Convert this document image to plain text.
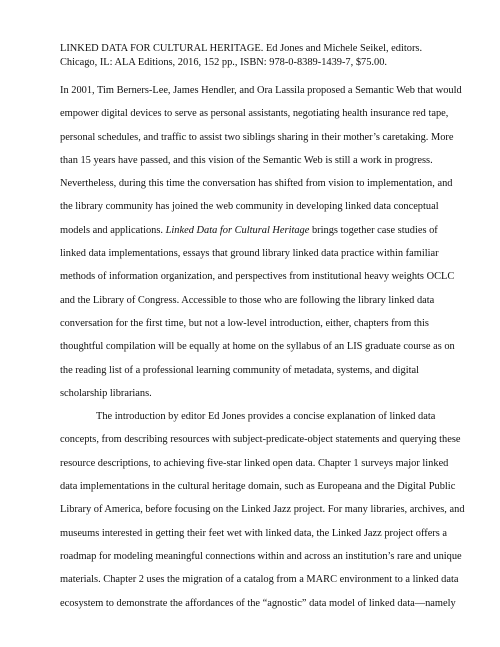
LINKED DATA FOR CULTURAL HERITAGE. Ed Jones and Michele Seikel, editors.
Chicago, IL: ALA Editions, 2016, 152 pp., ISBN: 978-0-8389-1439-7, $75.00.
In 2001, Tim Berners-Lee, James Hendler, and Ora Lassila proposed a Semantic Web that would
empower digital devices to serve as personal assistants, negotiating health insurance red tape,
personal schedules, and traffic to assist two siblings sharing in their mother’s caretaking. More
than 15 years have passed, and this vision of the Semantic Web is still a work in progress.
Nevertheless, during this time the conversation has shifted from vision to implementation, and
the library community has joined the web community in developing linked data conceptual
models and applications. Linked Data for Cultural Heritage brings together case studies of
linked data implementations, essays that ground library linked data practice within familiar
methods of information organization, and perspectives from institutional heavy weights OCLC
and the Library of Congress. Accessible to those who are following the library linked data
conversation for the first time, but not a low-level introduction, either, chapters from this
thoughtful compilation will be equally at home on the syllabus of an LIS graduate course as on
the reading list of a professional learning community of metadata, systems, and digital
scholarship librarians.
The introduction by editor Ed Jones provides a concise explanation of linked data
concepts, from describing resources with subject-predicate-object statements and querying these
resource descriptions, to achieving five-star linked open data. Chapter 1 surveys major linked
data implementations in the cultural heritage domain, such as Europeana and the Digital Public
Library of America, before focusing on the Linked Jazz project. For many libraries, archives, and
museums interested in getting their feet wet with linked data, the Linked Jazz project offers a
roadmap for modeling meaningful connections within and across an institution’s rare and unique
materials. Chapter 2 uses the migration of a catalog from a MARC environment to a linked data
ecosystem to demonstrate the affordances of the “agnostic” data model of linked data—namely
